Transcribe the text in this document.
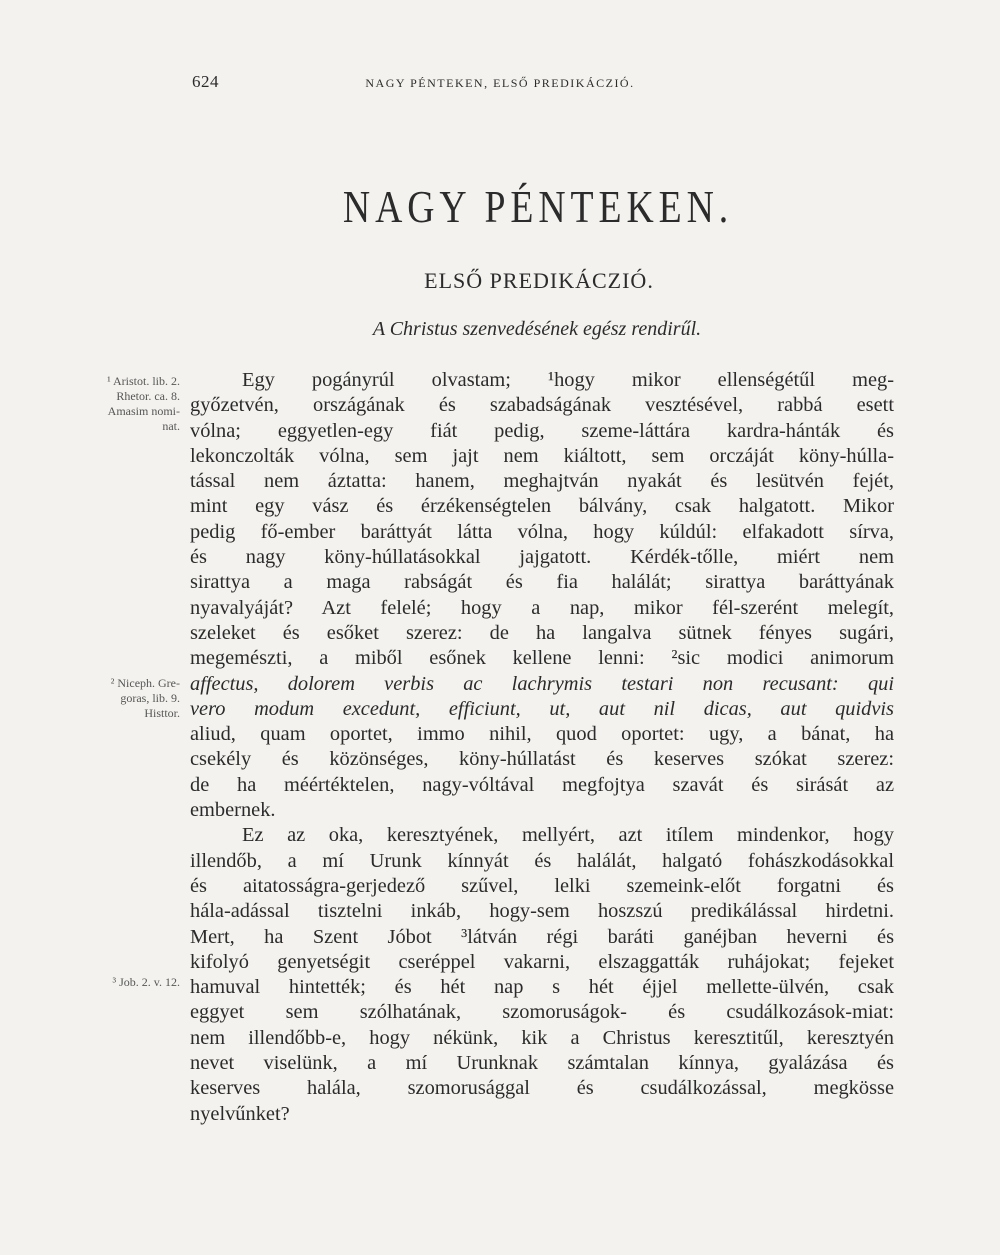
624	NAGY PÉNTEKEN, ELSŐ PREDIKÁCZIÓ.
NAGY PÉNTEKEN.
ELSŐ PREDIKÁCZIÓ.
A Christus szenvedésének egész rendirűl.
¹ Aristot. lib. 2.
Rhetor. ca. 8.
Amasim nomi-
nat.
² Niceph. Gre-
goras, lib. 9.
Histtor.
³ Job. 2. v. 12.
Egy pogányrúl olvastam; ¹hogy mikor ellenségétűl meg-
győzetvén, országának és szabadságának vesztésével, rabbá esett
vólna; eggyetlen-egy fiát pedig, szeme-láttára kardra-hánták és
lekonczolták vólna, sem jajt nem kiáltott, sem orczáját köny-húlla-
tással nem áztatta: hanem, meghajtván nyakát és lesütvén fejét,
mint egy vász és érzékenségtelen bálvány, csak halgatott. Mikor
pedig fő-ember baráttyát látta vólna, hogy kúldúl: elfakadott sírva,
és nagy köny-húllatásokkal jajgatott. Kérdék-tőlle, miért nem
sirattya a maga rabságát és fia halálát; sirattya baráttyának
nyavalyáját? Azt felelé; hogy a nap, mikor fél-szerént melegít,
szeleket és esőket szerez: de ha langalva sütnek fényes sugári,
megemészti, a miből esőnek kellene lenni: ²sic modici animorum
affectus, dolorem verbis ac lachrymis testari non recusant: qui
vero modum excedunt, efficiunt, ut, aut nil dicas, aut quidvis
aliud, quam oportet, immo nihil, quod oportet: ugy, a bánat, ha
csekély és közönséges, köny-húllatást és keserves szókat szerez:
de ha méértéktelen, nagy-vóltával megfojtya szavát és sirását az
embernek.
Ez az oka, keresztyének, mellyért, azt itílem mindenkor, hogy
illendőb, a mí Urunk kínnyát és halálát, halgató fohászkodásokkal
és aitatosságra-gerjedező szűvel, lelki szemeink-előt forgatni és
hála-adással tisztelni inkáb, hogy-sem hoszszú predikálással hirdetni.
Mert, ha Szent Jóbot ³látván régi baráti ganéjban heverni és
kifolyó genyetségit cseréppel vakarni, elszaggatták ruhájokat; fejeket
hamuval hintették; és hét nap s hét éjjel mellette-ülvén, csak
eggyet sem szólhatának, szomoruságok- és csudálkozások-miat:
nem illendőbb-e, hogy nékünk, kik a Christus keresztitűl, keresztyén
nevet viselünk, a mí Urunknak számtalan kínnya, gyalázása és
keserves halála, szomorusággal és csudálkozással, megkösse
nyelvűnket?
